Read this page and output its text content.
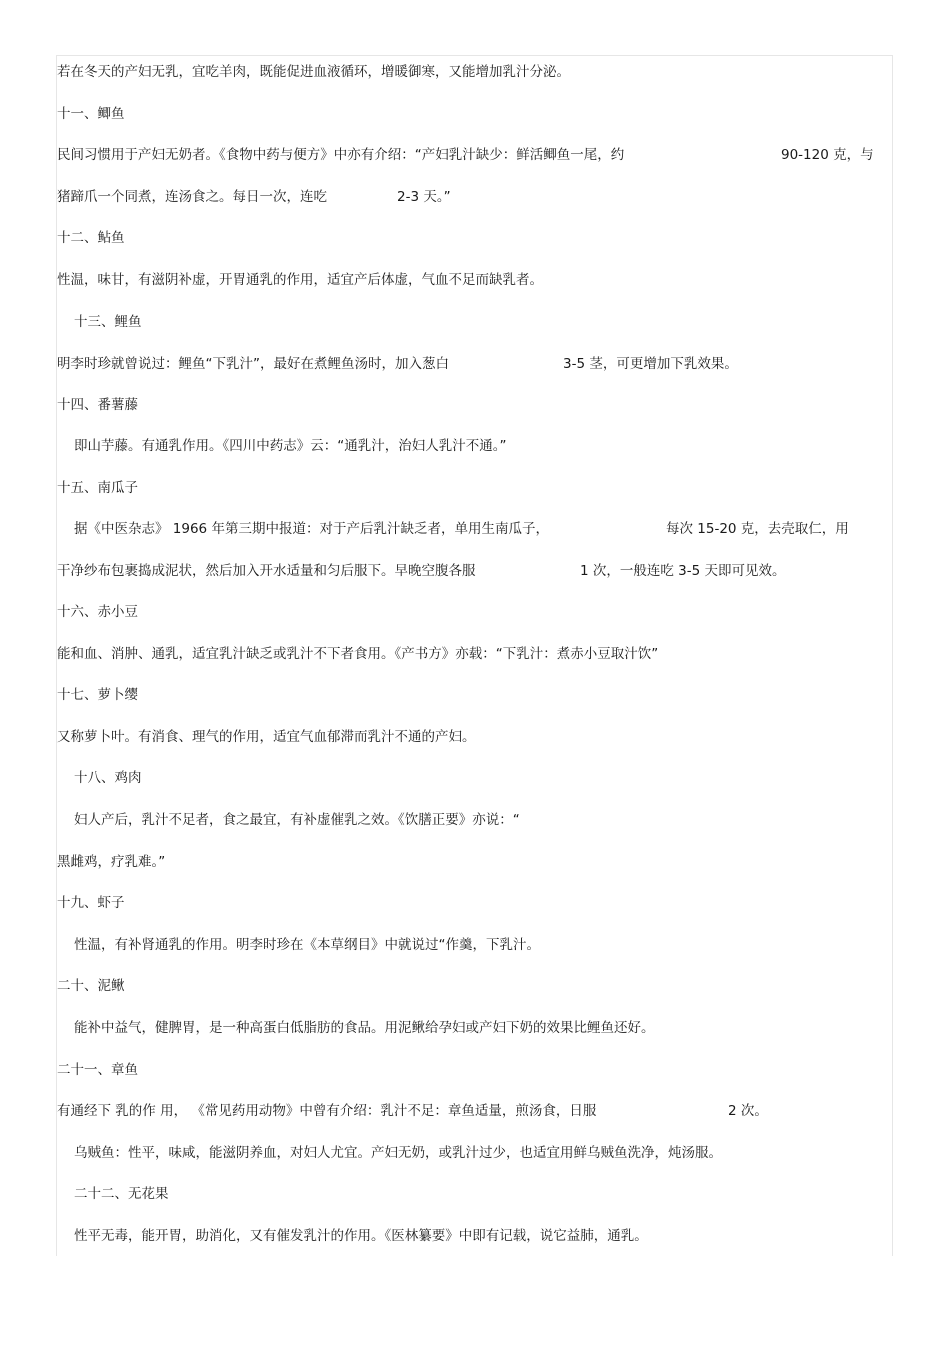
若在冬天的产妇无乳，宜吃羊肉，既能促进血液循环，增暖御寒，又能增加乳汁分泌。
十一、鲫鱼
民间习惯用于产妇无奶者。《食物中药与便方》中亦有介绍：“产妇乳汁缺少：鲜活鲫鱼一尾，约	90-120 克，与
猪蹄爪一个同煮，连汤食之。每日一次，连吃	2-3 天。”
十二、鲇鱼
性温，味甘，有滋阴补虚，开胃通乳的作用，适宜产后体虚，气血不足而缺乳者。
十三、鲤鱼
明李时珍就曾说过：鲤鱼“下乳汁”，最好在煮鲤鱼汤时，加入葱白	3-5 茎，可更增加下乳效果。
十四、番薯藤
即山芋藤。有通乳作用。《四川中药志》云：“通乳汁，治妇人乳汁不通。”
十五、南瓜子
据《中医杂志》 1966 年第三期中报道：对于产后乳汁缺乏者，单用生南瓜子，	每次 15-20 克，去壳取仁，用
干净纱布包裹捣成泥状，然后加入开水适量和匀后服下。早晚空腹各服	1 次，一般连吃 3-5 天即可见效。
十六、赤小豆
能和血、消肿、通乳，适宜乳汁缺乏或乳汁不下者食用。《产书方》亦载：“下乳汁：煮赤小豆取汁饮”
十七、萝卜缨
又称萝卜叶。有消食、理气的作用，适宜气血郁滞而乳汁不通的产妇。
十八、鸡肉
妇人产后，乳汁不足者，食之最宜，有补虚催乳之效。《饮膳正要》亦说：“
黑雌鸡，疗乳难。”
十九、虾子
性温，有补肾通乳的作用。明李时珍在《本草纲目》中就说过“作羹，下乳汁。
二十、泥鳅
能补中益气，健脾胃，是一种高蛋白低脂肪的食品。用泥鳅给孕妇或产妇下奶的效果比鲤鱼还好。
二十一、章鱼
有通经下 乳的作 用， 《常见药用动物》中曾有介绍：乳汁不足：章鱼适量，煎汤食，日服	2 次。
乌贼鱼：性平，味咸，能滋阴养血，对妇人尤宜。产妇无奶，或乳汁过少，也适宜用鲜乌贼鱼洗净，炖汤服。
二十二、无花果
性平无毒，能开胃，助消化，又有催发乳汁的作用。《医林纂要》中即有记载，说它益肺，通乳。
